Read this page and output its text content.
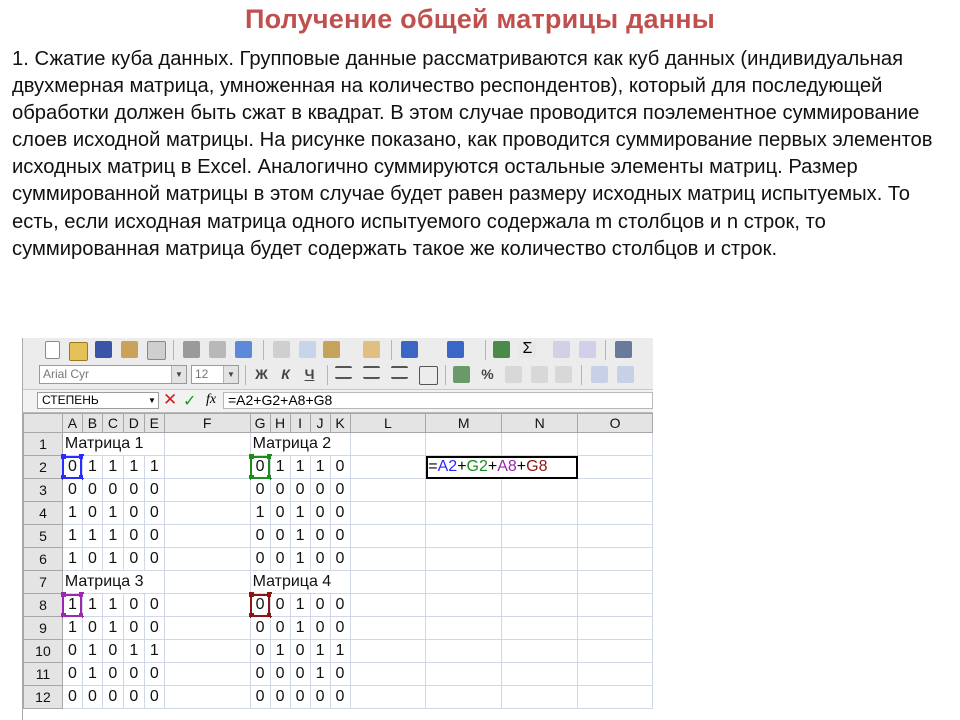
Получение общей матрицы данны
1. Сжатие куба данных. Групповые данные рассматриваются как куб данных (индивидуальная двухмерная матрица, умноженная на количество респондентов), который для последующей обработки должен быть сжат в квадрат. В этом случае проводится поэлементное суммирование слоев исходной матрицы. На рисунке показано, как проводится суммирование первых элементов исходных матриц в Excel. Аналогично суммируются остальные элементы матриц. Размер суммированной матрицы в этом случае будет равен размеру исходных матриц испытуемых. То есть, если исходная матрица одного испытуемого содержала m столбцов и n строк, то суммированная матрица будет содержать такое же количество столбцов и строк.
Σ
Arial Cyr	▼	12	▼ Ж К	Ч	%
СТЕПЕНЬ	▼ ✕ ✓ fx =A2+G2+A8+G8
	A	B	C	D	E	F	G	H	I	J	K	L	M	N	O
1	Матрица 1						Матрица 2								
2	0	1	1	1	1		0	1	1	1	0		=A2+G2+A8+G8		
3	0	0	0	0	0		0	0	0	0	0				
4	1	0	1	0	0		1	0	1	0	0				
5	1	1	1	0	0		0	0	1	0	0				
6	1	0	1	0	0		0	0	1	0	0				
7	Матрица 3						Матрица 4								
8	1	1	1	0	0		0	0	1	0	0				
9	1	0	1	0	0		0	0	1	0	0				
10	0	1	0	1	1		0	1	0	1	1				
11	0	1	0	0	0		0	0	0	1	0				
12	0	0	0	0	0		0	0	0	0	0				
